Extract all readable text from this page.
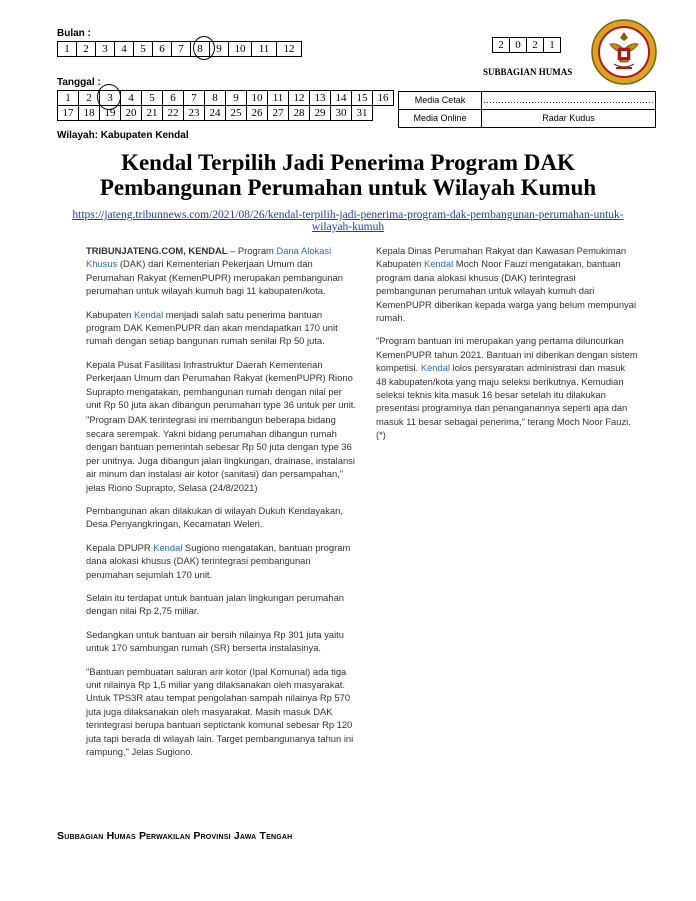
Bulan :
1	2	3	4	5	6	7	8	9	10	11	12	2	0	2	1
SUBBAGIAN HUMAS
Tanggal :
1	2	3	4	5	6	7	8	9	10	11	12	13	14	15	16
17	18	19	20	21	22	23	24	25	26	27	28	29	30	31	
Media Cetak	…………………………………………………
Media Online	Radar Kudus
Wilayah: Kabupaten Kendal
Kendal Terpilih Jadi Penerima Program DAK
Pembangunan Perumahan untuk Wilayah Kumuh
https://jateng.tribunnews.com/2021/08/26/kendal-terpilih-jadi-penerima-program-dak-pembangunan-perumahan-untuk-
wilayah-kumuh

TRIBUNJATENG.COM, KENDAL – Program Dana Alokasi Khusus (DAK) dari Kementerian Pekerjaan Umum dan Perumahan Rakyat (KemenPUPR) merupakan pembangunan perumahan untuk wilayah kumuh bagi 11 kabupaten/kota.

Kabupaten Kendal menjadi salah satu penerima bantuan program DAK KemenPUPR dan akan mendapatkan 170 unit rumah dengan setiap bangunan rumah senilai Rp 50 juta.

Kepala Pusat Fasilitasi Infrastruktur Daerah Kementerian Perkerjaan Umum dan Perumahan Rakyat (kemenPUPR) Riono Suprapto mengatakan, pembangunan rumah dengan nilai per unit Rp 50 juta akan dibangun perumahan type 36 untuk per unit.

"Program DAK terintegrasi ini membangun beberapa bidang secara serempak. Yakni bidang perumahan dibangun rumah dengan bantuan pemerintah sebesar Rp 50 juta dengan type 36 per unitnya. Juga dibangun jalan lingkungan, drainase, instalansi air minum dan instalasi air kotor (sanitasi) dan persampahan," jelas Riono Suprapto, Selasa (24/8/2021)

Pembangunan akan dilakukan di wilayah Dukuh Kendayakan, Desa Penyangkringan, Kecamatan Weleri.

Kepala DPUPR Kendal Sugiono mengatakan, bantuan program dana alokasi khusus (DAK) terintegrasi pembangunan perumahan sejumlah 170 unit.

Selain itu terdapat untuk bantuan jalan lingkungan perumahan dengan nilai Rp 2,75 miliar.

Sedangkan untuk bantuan air bersih nilainya Rp 301 juta yaitu untuk 170 sambungan rumah (SR) berserta instalasinya.

"Bantuan pembuatan saluran arir kotor (Ipal Komunal) ada tiga unit nilainya Rp 1,5 miliar yang dilaksanakan oleh masyarakat. Untuk TPS3R atau tempat pengolahan sampah nilainya Rp 570 juta juga dilaksanakan oleh masyarakat. Masih masuk DAK terintegrasi berupa bantuan septictank komunal sebesar Rp 120 juta tapi berada di wilayah lain. Target pembangunanya tahun ini rampung," Jelas Sugiono.

Kepala Dinas Perumahan Rakyat dan Kawasan Pemukiman Kabupaten Kendal Moch Noor Fauzi mengatakan, bantuan program dana alokasi khusus (DAK) terintegrasi pembangunan perumahan untuk wilayah kumuh dari KemenPUPR diberikan kepada warga yang belum mempunyai rumah.

"Program bantuan ini merupakan yang pertama diluncurkan KemenPUPR tahun 2021. Bantuan ini diberikan dengan sistem kompetisi. Kendal lolos persyaratan administrasi dan masuk 48 kabupaten/kota yang maju seleksi berikutnya. Kemudian seleksi teknis kita masuk 16 besar setelah itu dilakukan presentasi programnya dan penanganannya seperti apa dan masuk 11 besar sebagai penerima," terang Moch Noor Fauzi. (*)

Subbagian Humas Perwakilan Provinsi Jawa Tengah
